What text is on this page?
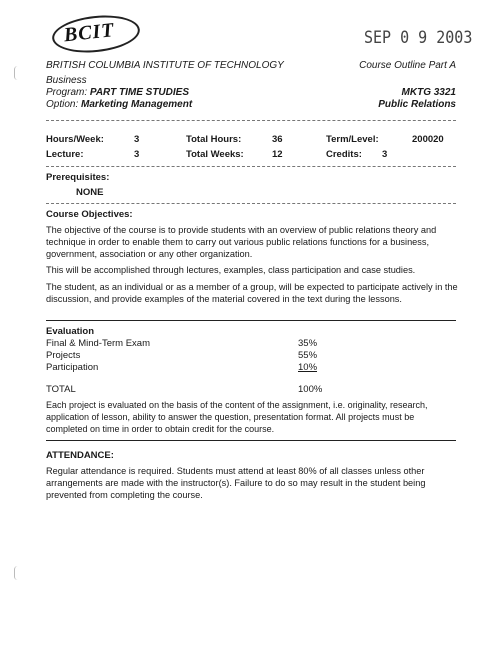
BCIT	SEP 0 9 2003
BRITISH COLUMBIA INSTITUTE OF TECHNOLOGY	Course Outline Part A
Business
Program: PART TIME STUDIES	MKTG 3321
Option: Marketing Management	Public Relations
Hours/Week:	3	Total Hours:	36	Term/Level:	200020
Lecture:	3	Total Weeks:	12	Credits: 3
Prerequisites:
NONE
Course Objectives:
The objective of the course is to provide students with an overview of public relations theory and technique in order to enable them to carry out various public relations functions for a business, government, association or any other organization.
This will be accomplished through lectures, examples, class participation and case studies.
The student, as an individual or as a member of a group, will be expected to participate actively in the discussion, and provide examples of the material covered in the text during the lessons.
Evaluation
Final & Mind-Term Exam	35%
Projects	55%
Participation	10%
TOTAL	100%
Each project is evaluated on the basis of the content of the assignment, i.e. originality, research, application of lesson, ability to answer the question, presentation format. All projects must be completed on time in order to obtain credit for the course.
ATTENDANCE:
Regular attendance is required. Students must attend at least 80% of all classes unless other arrangements are made with the instructor(s). Failure to do so may result in the student being prevented from completing the course.
